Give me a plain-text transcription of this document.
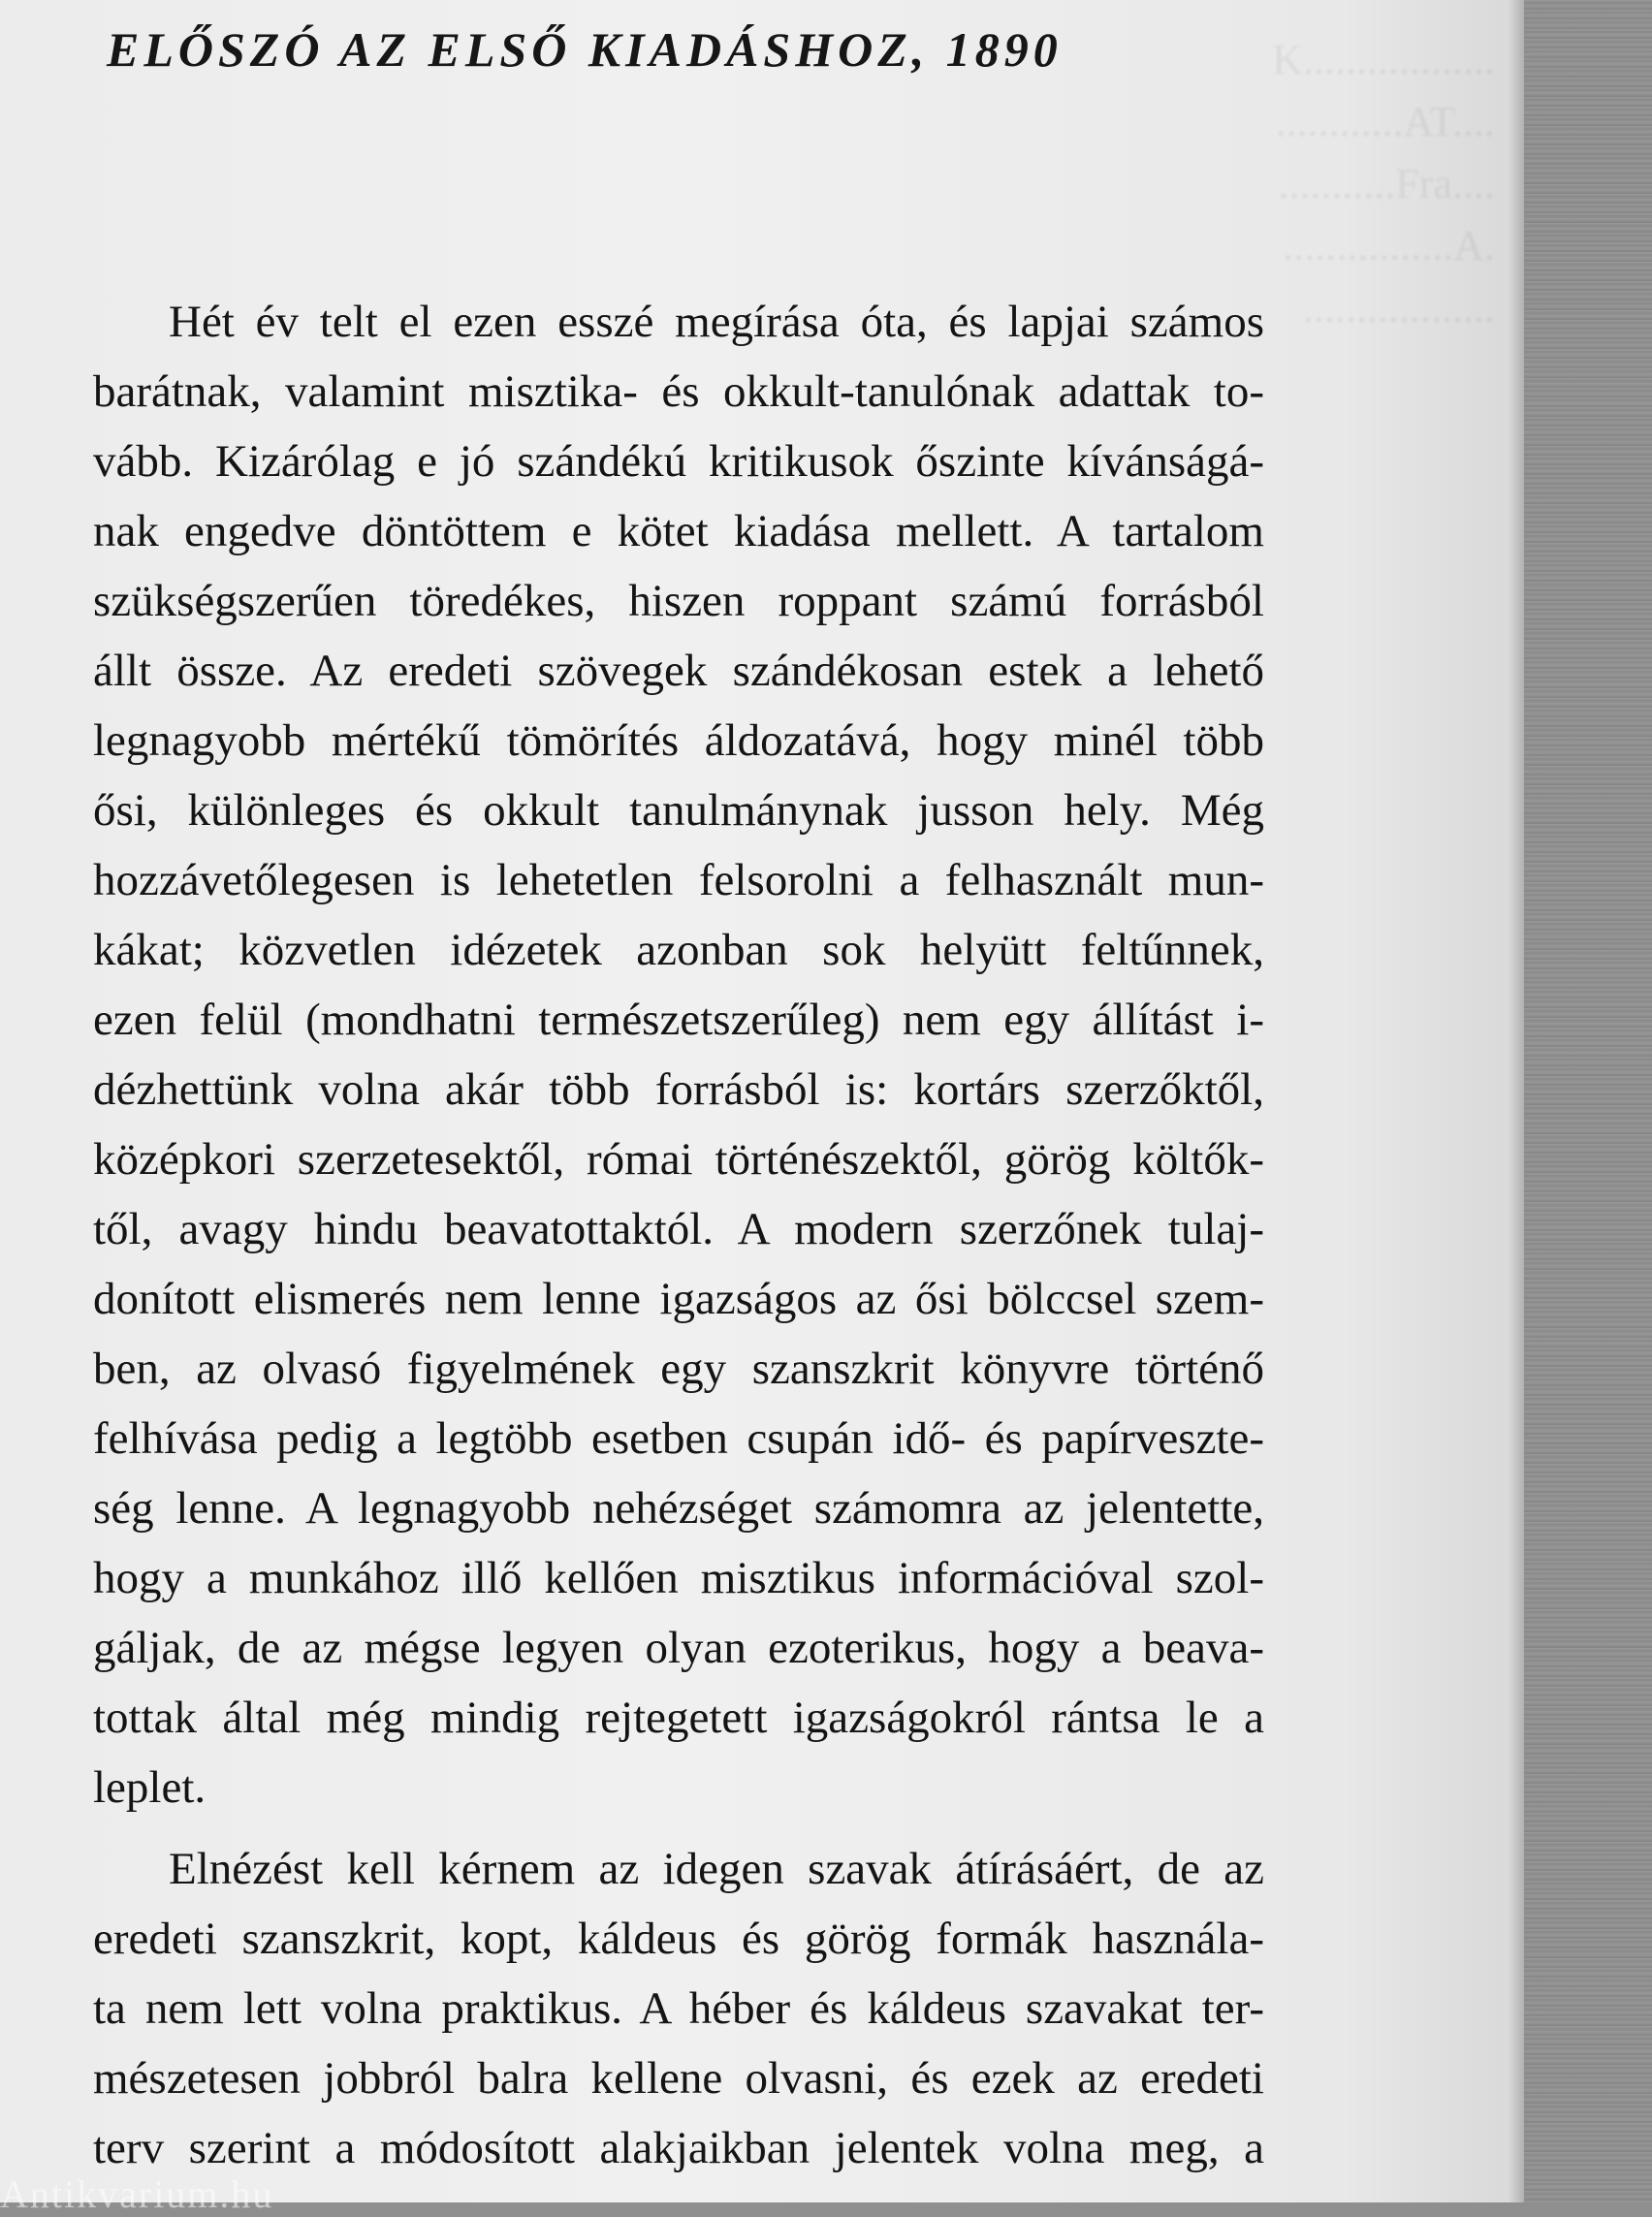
K..................
............AT....
...........Fra....
................A.
..................
ELŐSZÓ AZ ELSŐ KIADÁSHOZ, 1890
Hét év telt el ezen esszé megírása óta, és lapjai számos
barátnak, valamint misztika- és okkult-tanulónak adattak to-
vább. Kizárólag e jó szándékú kritikusok őszinte kívánságá-
nak engedve döntöttem e kötet kiadása mellett. A tartalom
szükségszerűen töredékes, hiszen roppant számú forrásból
állt össze. Az eredeti szövegek szándékosan estek a lehető
legnagyobb mértékű tömörítés áldozatává, hogy minél több
ősi, különleges és okkult tanulmánynak jusson hely. Még
hozzávetőlegesen is lehetetlen felsorolni a felhasznált mun-
kákat; közvetlen idézetek azonban sok helyütt feltűnnek,
ezen felül (mondhatni természetszerűleg) nem egy állítást i-
dézhettünk volna akár több forrásból is: kortárs szerzőktől,
középkori szerzetesektől, római történészektől, görög költők-
től, avagy hindu beavatottaktól. A modern szerzőnek tulaj-
donított elismerés nem lenne igazságos az ősi bölccsel szem-
ben, az olvasó figyelmének egy szanszkrit könyvre történő
felhívása pedig a legtöbb esetben csupán idő- és papírveszte-
ség lenne. A legnagyobb nehézséget számomra az jelentette,
hogy a munkához illő kellően misztikus információval szol-
gáljak, de az mégse legyen olyan ezoterikus, hogy a beava-
tottak által még mindig rejtegetett igazságokról rántsa le a
leplet.
Elnézést kell kérnem az idegen szavak átírásáért, de az
eredeti szanszkrit, kopt, káldeus és görög formák használa-
ta nem lett volna praktikus. A héber és káldeus szavakat ter-
mészetesen jobbról balra kellene olvasni, és ezek az eredeti
terv szerint a módosított alakjaikban jelentek volna meg, a
Antikvarium.hu
